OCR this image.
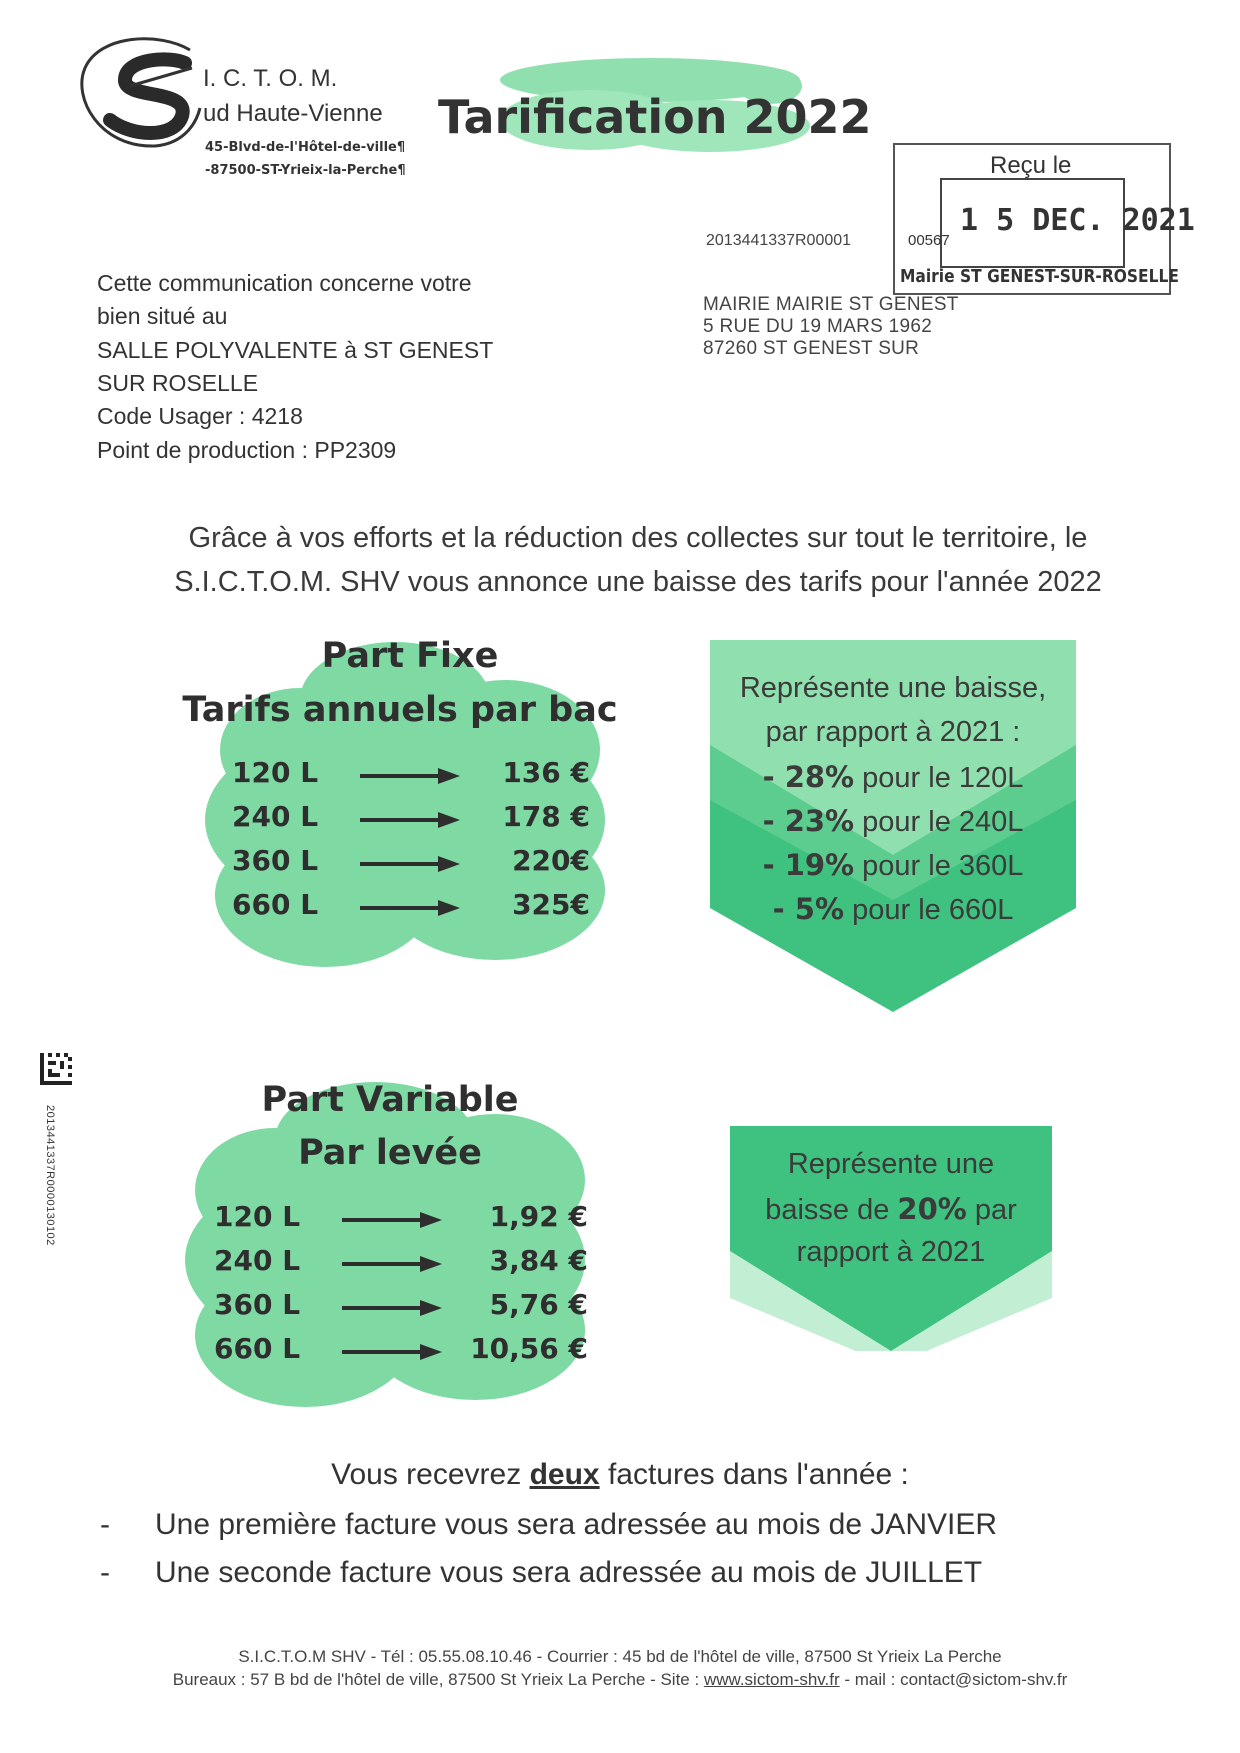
I. C. T. O. M.
ud Haute-Vienne
45-Blvd-de-l'Hôtel-de-ville¶
-87500-ST-Yrieix-la-Perche¶
Tarification 2022
Reçu le
1 5 DEC. 2021
00567
Mairie ST GENEST-SUR-ROSELLE
2013441337R00001
MAIRIE MAIRIE ST GENEST
5 RUE DU 19 MARS 1962
87260 ST GENEST SUR
Cette communication concerne votre
bien situé au
SALLE POLYVALENTE à ST GENEST
SUR ROSELLE
Code Usager : 4218
Point de production : PP2309
Grâce à vos efforts et la réduction des collectes sur tout le territoire, le
S.I.C.T.O.M. SHV vous annonce une baisse des tarifs pour l'année 2022
Part Fixe
Tarifs annuels par bac
120 L	136 €
240 L	178 €
360 L	220€
660 L	325€
Représente une baisse,
par rapport à 2021 :
- 28% pour le 120L
- 23% pour le 240L
- 19% pour le 360L
- 5% pour le 660L
2013441337R0000130102
Part Variable
Par levée
120 L	1,92 €
240 L	3,84 €
360 L	5,76 €
660 L	10,56 €
Représente une
baisse de 20% par
rapport à 2021
Vous recevrez deux factures dans l'année :
- Une première facture vous sera adressée au mois de JANVIER
- Une seconde facture vous sera adressée au mois de JUILLET
S.I.C.T.O.M SHV - Tél : 05.55.08.10.46 - Courrier : 45 bd de l'hôtel de ville, 87500 St Yrieix La Perche
Bureaux : 57 B bd de l'hôtel de ville, 87500 St Yrieix La Perche - Site : www.sictom-shv.fr - mail : contact@sictom-shv.fr
